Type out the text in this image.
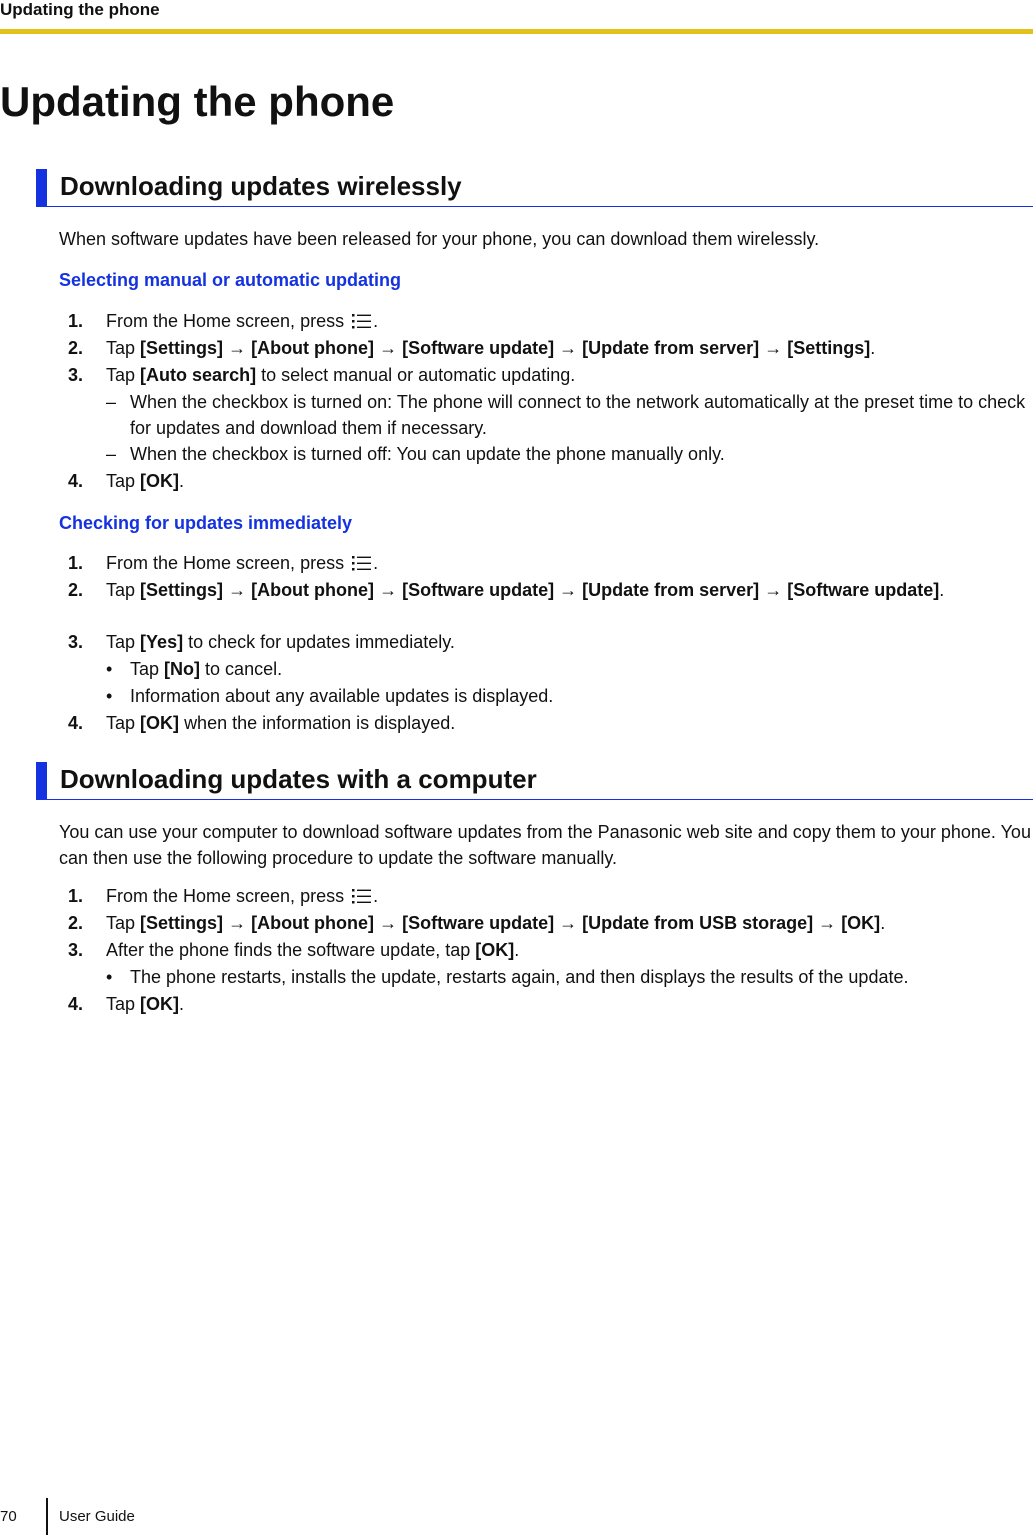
Updating the phone
Updating the phone
Downloading updates wirelessly

When software updates have been released for your phone, you can download them wirelessly.

Selecting manual or automatic updating
1. From the Home screen, press .
2. Tap [Settings] → [About phone] → [Software update] → [Update from server] → [Settings].
3. Tap [Auto search] to select manual or automatic updating.
– When the checkbox is turned on: The phone will connect to the network automatically at the preset time to check for updates and download them if necessary.
– When the checkbox is turned off: You can update the phone manually only.
4. Tap [OK].
Checking for updates immediately
1. From the Home screen, press .
2. Tap [Settings] → [About phone] → [Software update] → [Update from server] → [Software update].
3. Tap [Yes] to check for updates immediately.
• Tap [No] to cancel.
• Information about any available updates is displayed.
4. Tap [OK] when the information is displayed.
Downloading updates with a computer

You can use your computer to download software updates from the Panasonic web site and copy them to your phone. You can then use the following procedure to update the software manually.

1. From the Home screen, press .
2. Tap [Settings] → [About phone] → [Software update] → [Update from USB storage] → [OK].
3. After the phone finds the software update, tap [OK].
• The phone restarts, installs the update, restarts again, and then displays the results of the update.
4. Tap [OK].
70	User Guide
